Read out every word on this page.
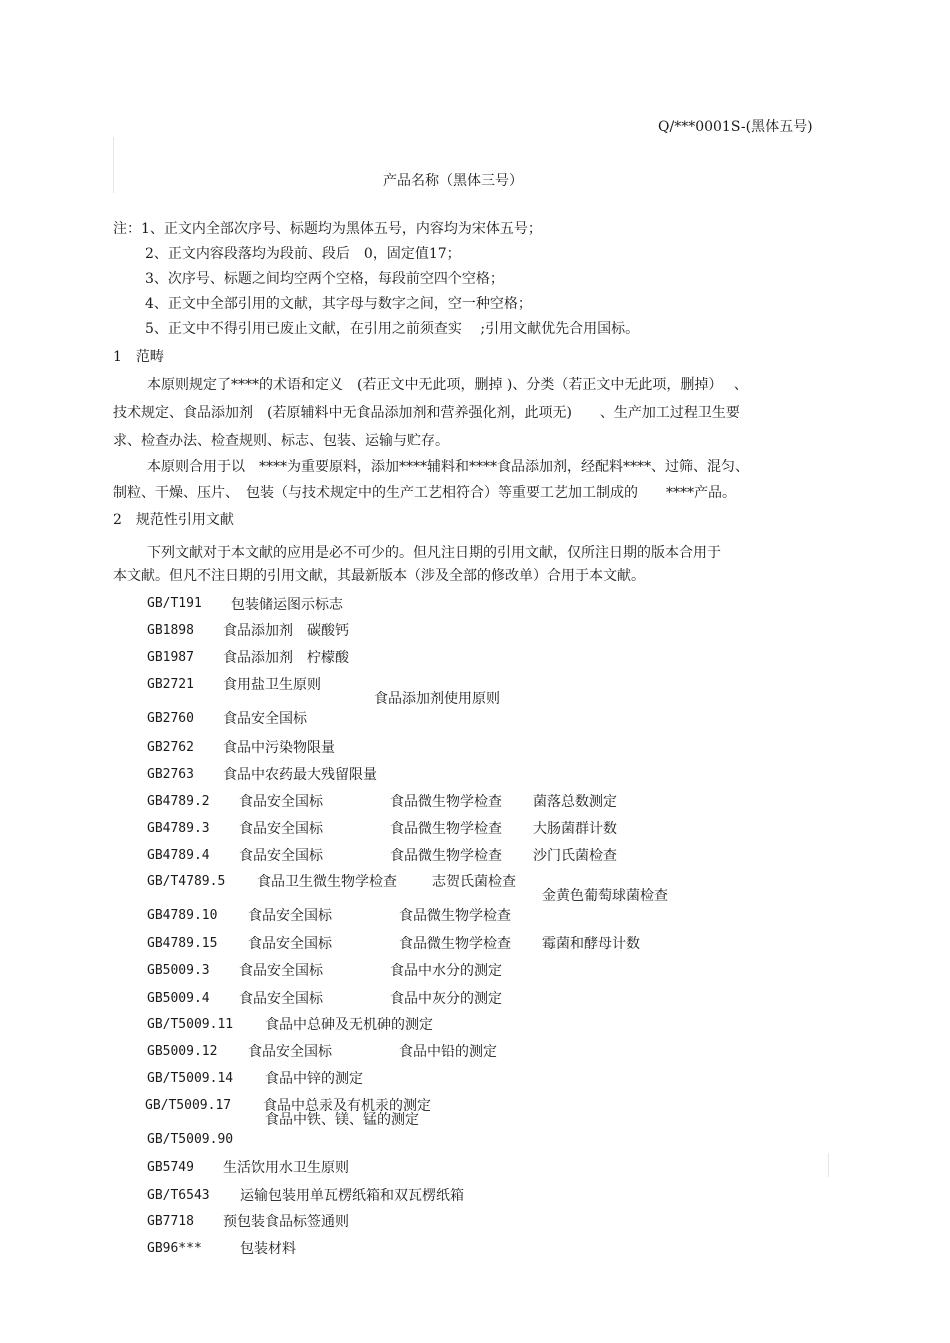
Q/***0001S-(黑体五号)
产品名称（黑体三号）
注：1、正文内全部次序号、标题均为黑体五号，内容均为宋体五号；
2、正文内容段落均为段前、段后　0，固定值17；
3、次序号、标题之间均空两个空格，每段前空四个空格；
4、正文中全部引用的文献，其字母与数字之间，空一种空格；
5、正文中不得引用已废止文献，在引用之前须查实　 ;引用文献优先合用国标。
1　范畴
本原则规定了****的术语和定义　(若正文中无此项，删掉 )、分类（若正文中无此项，删掉）　 、
技术规定、食品添加剂　(若原辅料中无食品添加剂和营养强化剂，此项无)　　、生产加工过程卫生要
求、检查办法、检查规则、标志、包装、运输与贮存。
本原则合用于以　****为重要原料，添加****辅料和****食品添加剂，经配料****、过筛、混匀、
制粒、干燥、压片、　包装（与技术规定中的生产工艺相符合）等重要工艺加工制成的　　****产品。
2　规范性引用文献
下列文献对于本文献的应用是必不可少的。但凡注日期的引用文献，仅所注日期的版本合用于
本文献。但凡不注日期的引用文献，其最新版本（涉及全部的修改单）合用于本文献。
GB/T191 包装储运图示标志
GB1898 食品添加剂　碳酸钙
GB1987 食品添加剂　柠檬酸
GB2721 食用盐卫生原则
GB2760 食品安全国标
食品添加剂使用原则
GB2762 食品中污染物限量
GB2763 食品中农药最大残留限量
GB4789.2 食品安全国标	食品微生物学检查 菌落总数测定
GB4789.3 食品安全国标	食品微生物学检查 大肠菌群计数
GB4789.4 食品安全国标	食品微生物学检查 沙门氏菌检查
GB/T4789.5 食品卫生微生物学检查	志贺氏菌检查
GB4789.10 食品安全国标	食品微生物学检查
金黄色葡萄球菌检查
GB4789.15 食品安全国标	食品微生物学检查 霉菌和酵母计数
GB5009.3 食品安全国标	食品中水分的测定
GB5009.4 食品安全国标	食品中灰分的测定
GB/T5009.11 食品中总砷及无机砷的测定
GB5009.12 食品安全国标	食品中铅的测定
GB/T5009.14 食品中锌的测定
GB/T5009.17 食品中总汞及有机汞的测定
GB/T5009.90
食品中铁、镁、锰的测定
GB5749 生活饮用水卫生原则
GB/T6543 运输包装用单瓦楞纸箱和双瓦楞纸箱
GB7718 预包装食品标签通则
GB96***	包装材料
